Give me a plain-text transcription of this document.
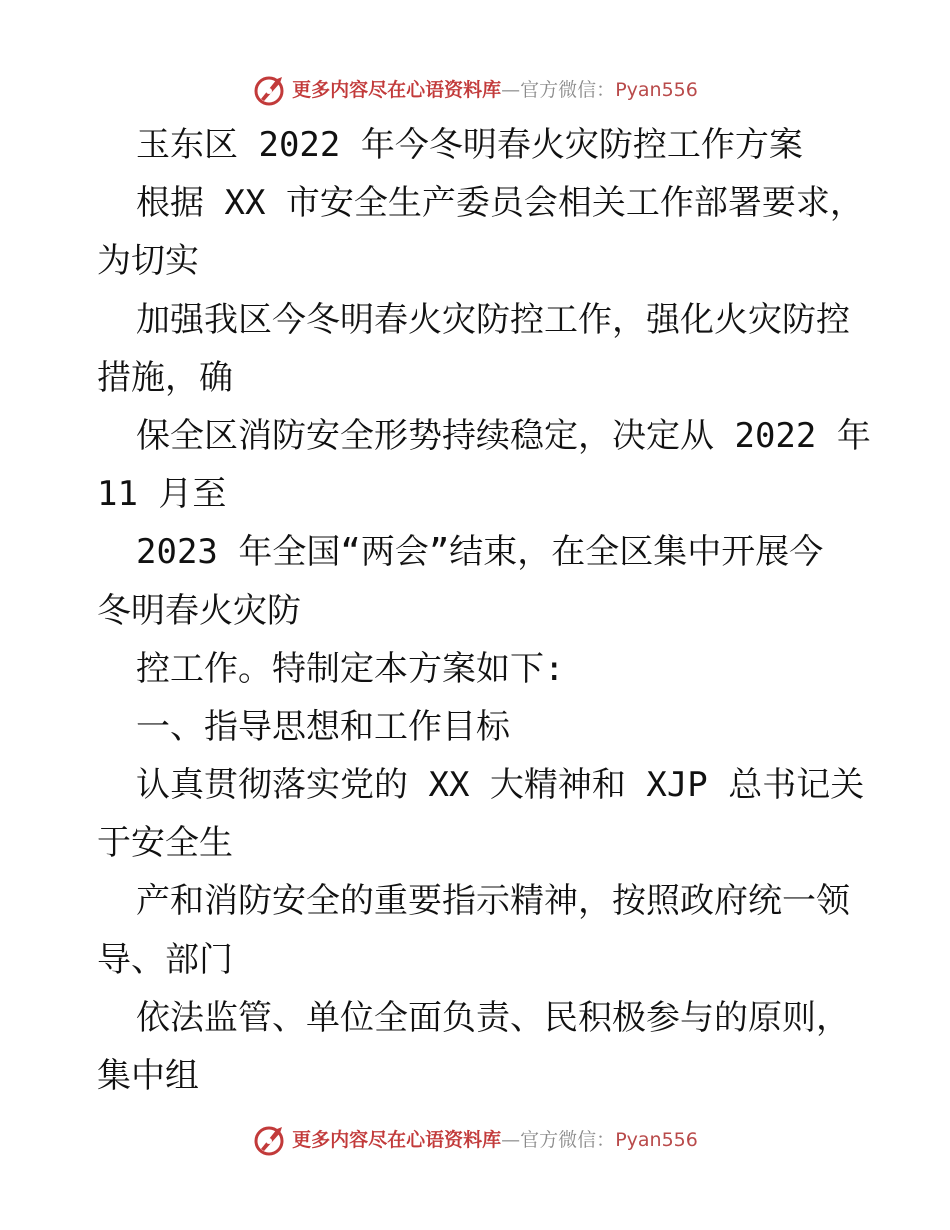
更多内容尽在心语资料库 — 官方微信： Pyan556
玉东区 2022 年今冬明春火灾防控工作方案
根据 XX 市安全生产委员会相关工作部署要求，
为切实
加强我区今冬明春火灾防控工作，强化火灾防控
措施，确
保全区消防安全形势持续稳定，决定从 2022 年
11 月至
2023 年全国“两会”结束，在全区集中开展今
冬明春火灾防
控工作。特制定本方案如下:
一、指导思想和工作目标
认真贯彻落实党的 XX 大精神和 XJP 总书记关
于安全生
产和消防安全的重要指示精神，按照政府统一领
导、部门
依法监管、单位全面负责、民积极参与的原则，
集中组
更多内容尽在心语资料库 — 官方微信： Pyan556
